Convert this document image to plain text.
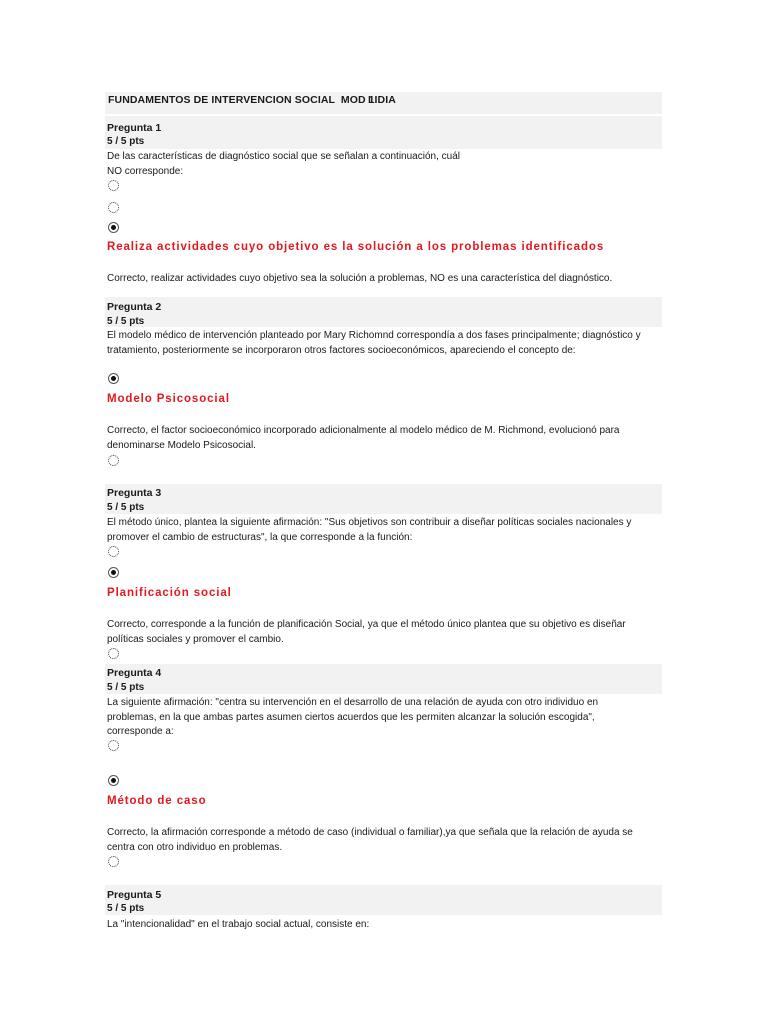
FUNDAMENTOS DE INTERVENCION SOCIAL  MOD 1
LIDIA
Pregunta 1
5 / 5 pts
De las características de diagnóstico social que se señalan a continuación, cuál
NO corresponde:
Realiza actividades cuyo objetivo es la solución a los problemas identificados
Correcto, realizar actividades cuyo objetivo sea la solución a problemas, NO es una característica del diagnóstico.
Pregunta 2
5 / 5 pts
El modelo médico de intervención planteado por Mary Richomnd correspondía a dos fases principalmente; diagnóstico y
tratamiento, posteriormente se incorporaron otros factores socioeconómicos, apareciendo el concepto de:
Modelo Psicosocial
Correcto, el factor socioeconómico incorporado adicionalmente al modelo médico de M. Richmond, evolucionó para
denominarse Modelo Psicosocial.
Pregunta 3
5 / 5 pts
El método único, plantea la siguiente afirmación: "Sus objetivos son contribuir a diseñar políticas sociales nacionales y
promover el cambio de estructuras", la que corresponde a la función:
Planificación social
Correcto, corresponde a la función de planificación Social, ya que el método único plantea que su objetivo es diseñar
políticas sociales y promover el cambio.
Pregunta 4
5 / 5 pts
La siguiente afirmación: "centra su intervención en el desarrollo de una relación de ayuda con otro individuo en
problemas, en la que ambas partes asumen ciertos acuerdos que les permiten alcanzar la solución escogida",
corresponde a:
Método de caso
Correcto, la afirmación corresponde a método de caso (individual o familiar),ya que señala que la relación de ayuda se
centra con otro individuo en problemas.
Pregunta 5
5 / 5 pts
La "intencionalidad" en el trabajo social actual, consiste en:
